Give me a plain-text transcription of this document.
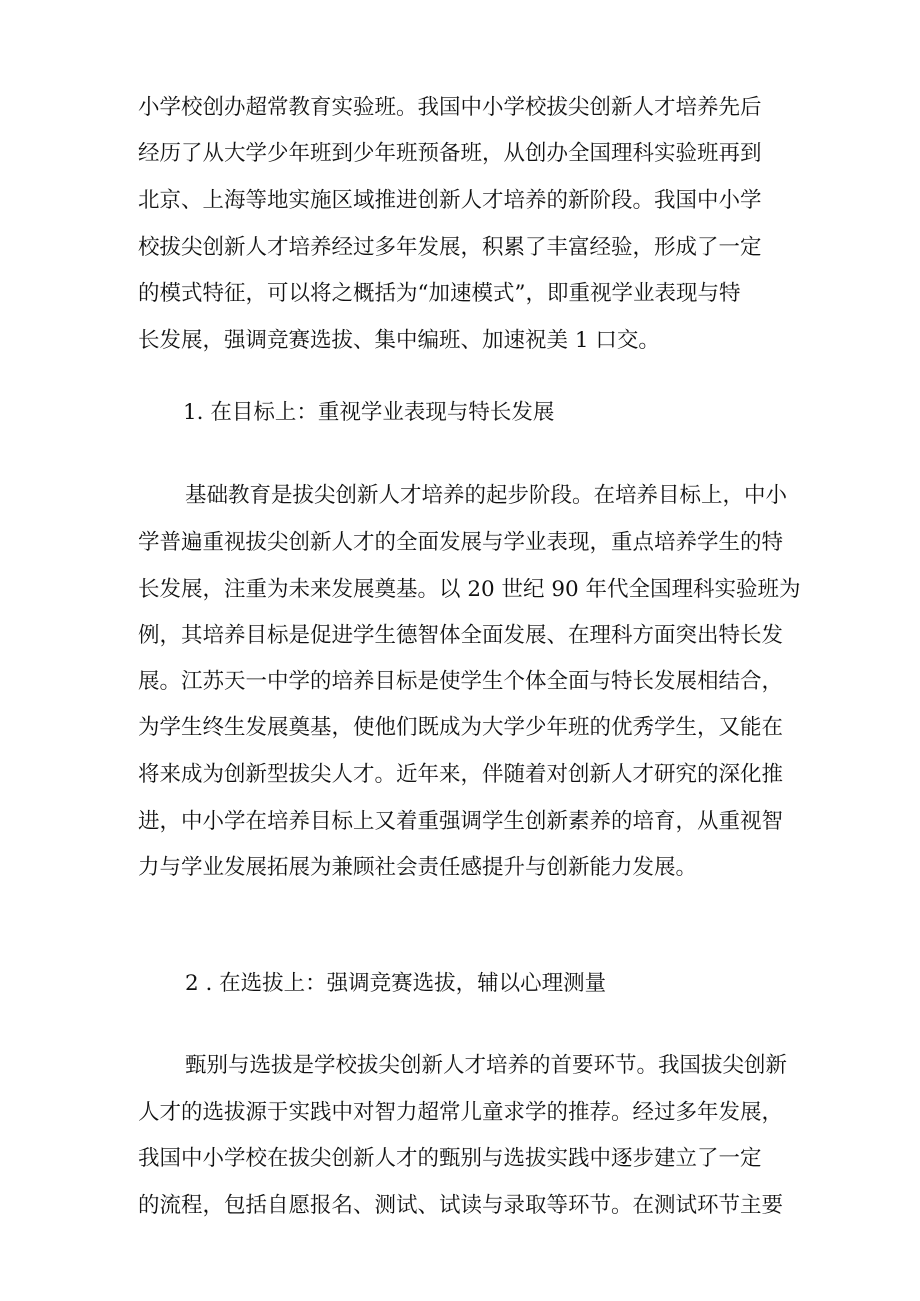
小学校创办超常教育实验班。我国中小学校拔尖创新人才培养先后
经历了从大学少年班到少年班预备班，从创办全国理科实验班再到
北京、上海等地实施区域推进创新人才培养的新阶段。我国中小学
校拔尖创新人才培养经过多年发展，积累了丰富经验，形成了一定
的模式特征，可以将之概括为“加速模式”，即重视学业表现与特
长发展，强调竞赛选拔、集中编班、加速祝美 1 口交。
1. 在目标上：重视学业表现与特长发展
基础教育是拔尖创新人才培养的起步阶段。在培养目标上，中小
学普遍重视拔尖创新人才的全面发展与学业表现，重点培养学生的特
长发展，注重为未来发展奠基。以 20 世纪 90 年代全国理科实验班为
例，其培养目标是促进学生德智体全面发展、在理科方面突出特长发
展。江苏天一中学的培养目标是使学生个体全面与特长发展相结合，
为学生终生发展奠基，使他们既成为大学少年班的优秀学生，又能在
将来成为创新型拔尖人才。近年来，伴随着对创新人才研究的深化推
进，中小学在培养目标上又着重强调学生创新素养的培育，从重视智
力与学业发展拓展为兼顾社会责任感提升与创新能力发展。
2 . 在选拔上：强调竞赛选拔，辅以心理测量
甄别与选拔是学校拔尖创新人才培养的首要环节。我国拔尖创新
人才的选拔源于实践中对智力超常儿童求学的推荐。经过多年发展，
我国中小学校在拔尖创新人才的甄别与选拔实践中逐步建立了一定
的流程，包括自愿报名、测试、试读与录取等环节。在测试环节主要
